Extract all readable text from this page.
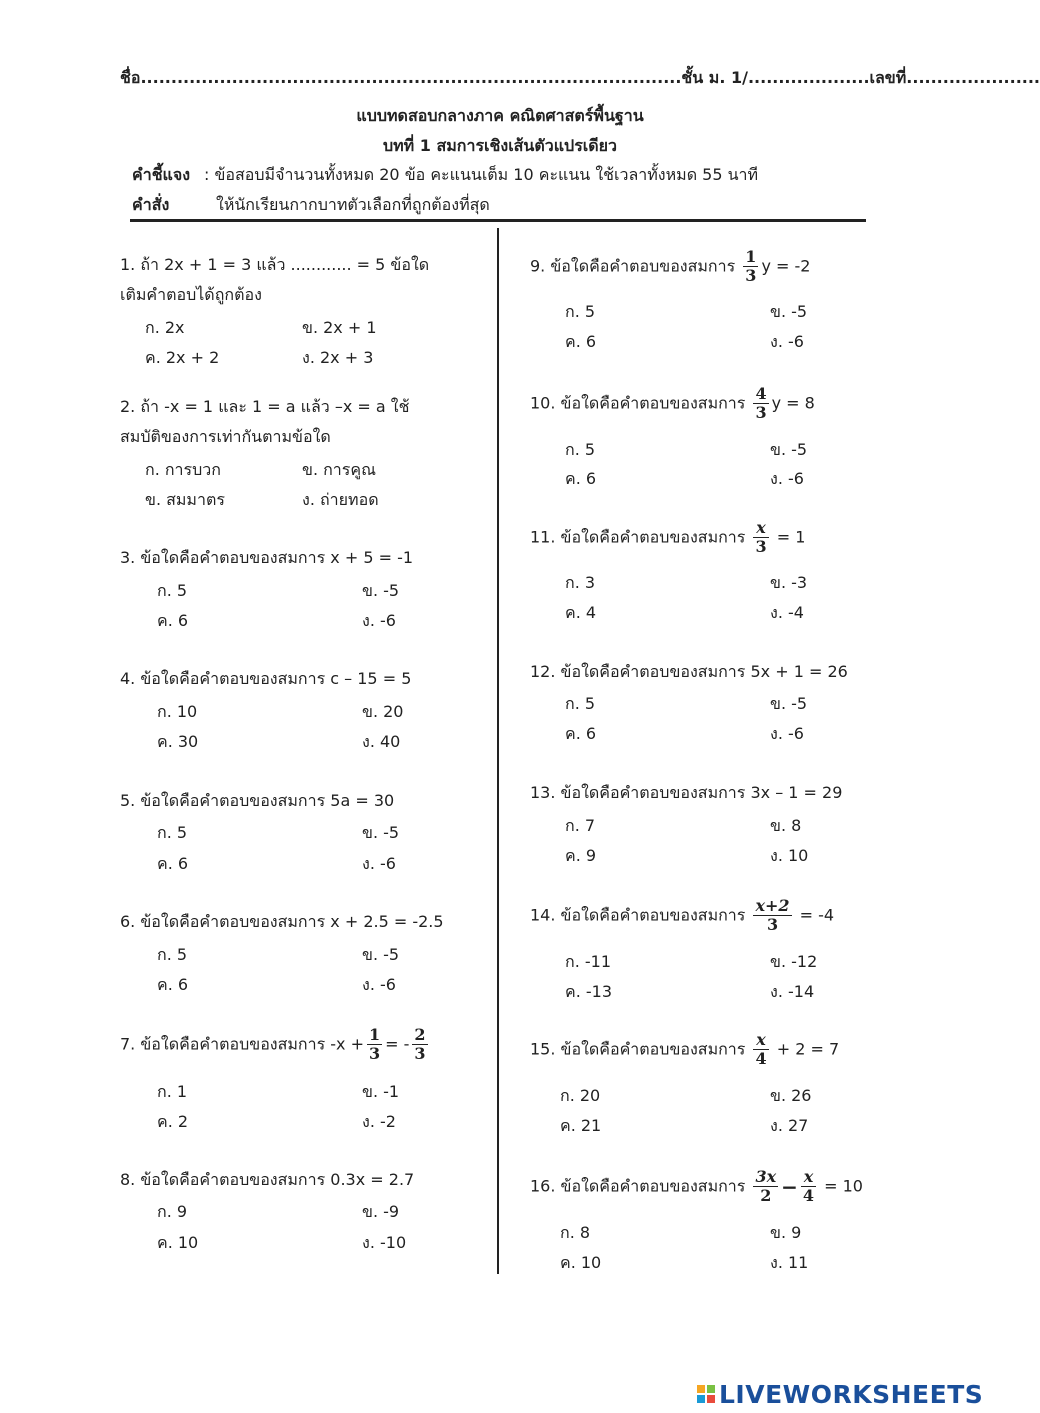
ชื่อ.........................................................................................ชั้น ม. 1/....................เลขที่......................
แบบทดสอบกลางภาค คณิตศาสตร์พื้นฐาน
บทที่ 1 สมการเชิงเส้นตัวแปรเดียว
คำชี้แจง : ข้อสอบมีจำนวนทั้งหมด 20 ข้อ คะแนนเต็ม 10 คะแนน ใช้เวลาทั้งหมด 55 นาที
คำสั่ง	ให้นักเรียนกากบาทตัวเลือกที่ถูกต้องที่สุด
1. ถ้า 2x + 1 = 3 แล้ว ............ = 5 ข้อใด
เติมคำตอบได้ถูกต้อง
ก. 2x	ข. 2x + 1
ค. 2x + 2	ง. 2x + 3
2. ถ้า -x = 1 และ 1 = a แล้ว –x = a ใช้
สมบัติของการเท่ากันตามข้อใด
ก. การบวก	ข. การคูณ
ข. สมมาตร	ง. ถ่ายทอด
3. ข้อใดคือคำตอบของสมการ x + 5 = -1
ก. 5	ข. -5
ค. 6	ง. -6
4. ข้อใดคือคำตอบของสมการ c – 15 = 5
ก. 10	ข. 20
ค. 30	ง. 40
5. ข้อใดคือคำตอบของสมการ 5a = 30
ก. 5	ข. -5
ค. 6	ง. -6
6. ข้อใดคือคำตอบของสมการ x + 2.5 = -2.5
ก. 5	ข. -5
ค. 6	ง. -6
7. ข้อใดคือคำตอบของสมการ $-x + \frac{1}{3}$ = - $\frac{2}{3}$
ก. 1	ข. -1
ค. 2	ง. -2
8. ข้อใดคือคำตอบของสมการ 0.3x = 2.7
ก. 9	ข. -9
ค. 10	ง. -10
9. ข้อใดคือคำตอบของสมการ $\frac{1}{3}$ y = -2
ก. 5	ข. -5
ค. 6	ง. -6
10. ข้อใดคือคำตอบของสมการ $\frac{4}{3}$ y = 8
ก. 5	ข. -5
ค. 6	ง. -6
11. ข้อใดคือคำตอบของสมการ $\frac{x}{3} = 1$
ก. 3	ข. -3
ค. 4	ง. -4
12. ข้อใดคือคำตอบของสมการ 5x + 1 = 26
ก. 5	ข. -5
ค. 6	ง. -6
13. ข้อใดคือคำตอบของสมการ 3x – 1 = 29
ก. 7	ข. 8
ค. 9	ง. 10
14. ข้อใดคือคำตอบของสมการ $\frac{x+2}{3} = -4$
ก. -11	ข. -12
ค. -13	ง. -14
15. ข้อใดคือคำตอบของสมการ $\frac{x}{4} + 2 = 7$
ก. 20	ข. 26
ค. 21	ง. 27
16. ข้อใดคือคำตอบของสมการ $\frac{3x}{2} - \frac{x}{4} = 10$
ก. 8	ข. 9
ค. 10	ง. 11
LIVEWORKSHEETS
